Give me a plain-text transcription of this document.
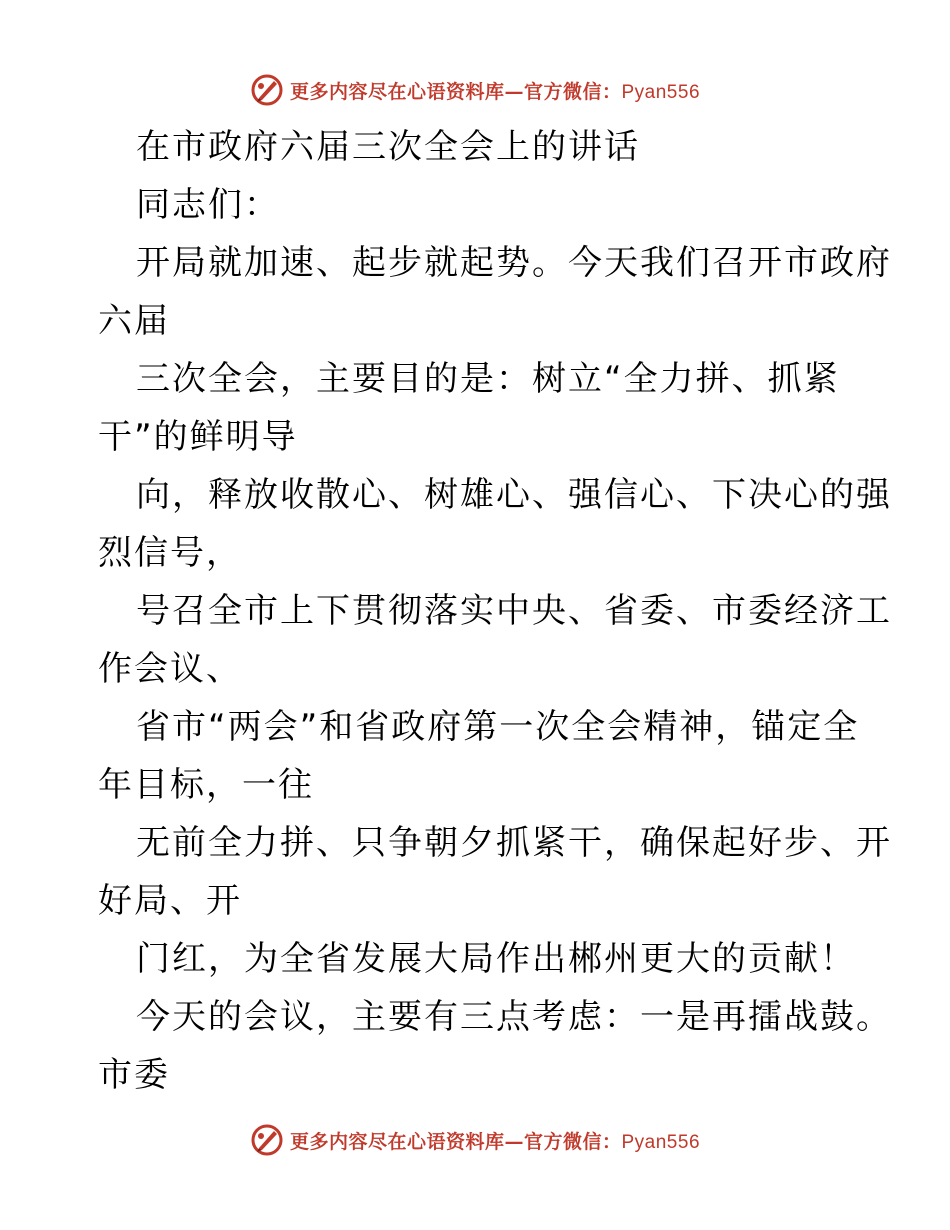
更多内容尽在心语资料库—官方微信：Pyan556
在市政府六届三次全会上的讲话
同志们：
开局就加速、起步就起势。今天我们召开市政府
六届
三次全会，主要目的是：树立“全力拼、抓紧
干”的鲜明导
向，释放收散心、树雄心、强信心、下决心的强
烈信号，
号召全市上下贯彻落实中央、省委、市委经济工
作会议、
省市“两会”和省政府第一次全会精神，锚定全
年目标，一往
无前全力拼、只争朝夕抓紧干，确保起好步、开
好局、开
门红，为全省发展大局作出郴州更大的贡献！
今天的会议，主要有三点考虑：一是再擂战鼓。
市委
更多内容尽在心语资料库—官方微信：Pyan556
